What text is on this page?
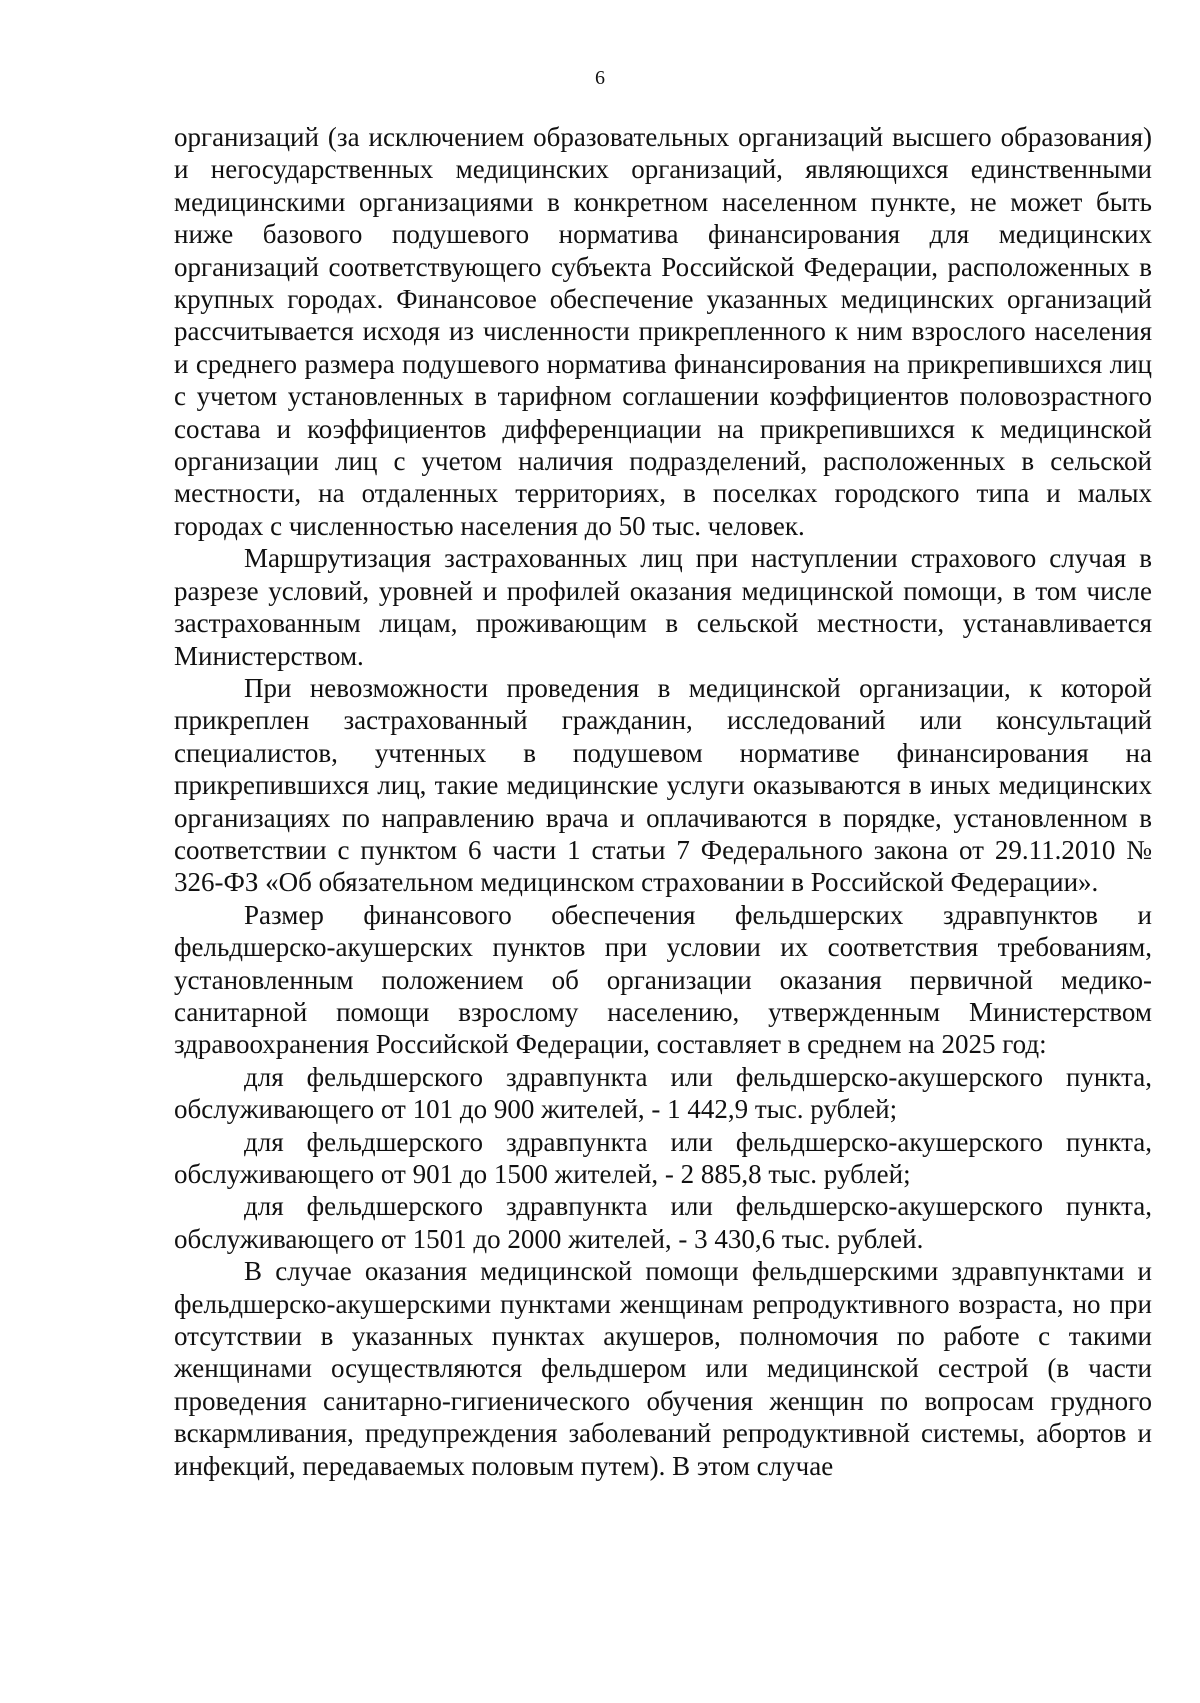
6

организаций (за исключением образовательных организаций высшего образования) и негосударственных медицинских организаций, являющихся единственными медицинскими организациями в конкретном населенном пункте, не может быть ниже базового подушевого норматива финансирования для медицинских организаций соответствующего субъекта Российской Федерации, расположенных в крупных городах. Финансовое обеспечение указанных медицинских организаций рассчитывается исходя из численности прикрепленного к ним взрослого населения и среднего размера подушевого норматива финансирования на прикрепившихся лиц с учетом установленных в тарифном соглашении коэффициентов половозрастного состава и коэффициентов дифференциации на прикрепившихся к медицинской организации лиц с учетом наличия подразделений, расположенных в сельской местности, на отдаленных территориях, в поселках городского типа и малых городах с численностью населения до 50 тыс. человек.

Маршрутизация застрахованных лиц при наступлении страхового случая в разрезе условий, уровней и профилей оказания медицинской помощи, в том числе застрахованным лицам, проживающим в сельской местности, устанавливается Министерством.

При невозможности проведения в медицинской организации, к которой прикреплен застрахованный гражданин, исследований или консультаций специалистов, учтенных в подушевом нормативе финансирования на прикрепившихся лиц, такие медицинские услуги оказываются в иных медицинских организациях по направлению врача и оплачиваются в порядке, установленном в соответствии с пунктом 6 части 1 статьи 7 Федерального закона от 29.11.2010 № 326-ФЗ «Об обязательном медицинском страховании в Российской Федерации».

Размер финансового обеспечения фельдшерских здравпунктов и фельдшерско-акушерских пунктов при условии их соответствия требованиям, установленным положением об организации оказания первичной медико-санитарной помощи взрослому населению, утвержденным Министерством здравоохранения Российской Федерации, составляет в среднем на 2025 год:

для фельдшерского здравпункта или фельдшерско-акушерского пункта, обслуживающего от 101 до 900 жителей, - 1 442,9 тыс. рублей;

для фельдшерского здравпункта или фельдшерско-акушерского пункта, обслуживающего от 901 до 1500 жителей, - 2 885,8 тыс. рублей;

для фельдшерского здравпункта или фельдшерско-акушерского пункта, обслуживающего от 1501 до 2000 жителей, - 3 430,6 тыс. рублей.

В случае оказания медицинской помощи фельдшерскими здравпунктами и фельдшерско-акушерскими пунктами женщинам репродуктивного возраста, но при отсутствии в указанных пунктах акушеров, полномочия по работе с такими женщинами осуществляются фельдшером или медицинской сестрой (в части проведения санитарно-гигиенического обучения женщин по вопросам грудного вскармливания, предупреждения заболеваний репродуктивной системы, абортов и инфекций, передаваемых половым путем). В этом случае
